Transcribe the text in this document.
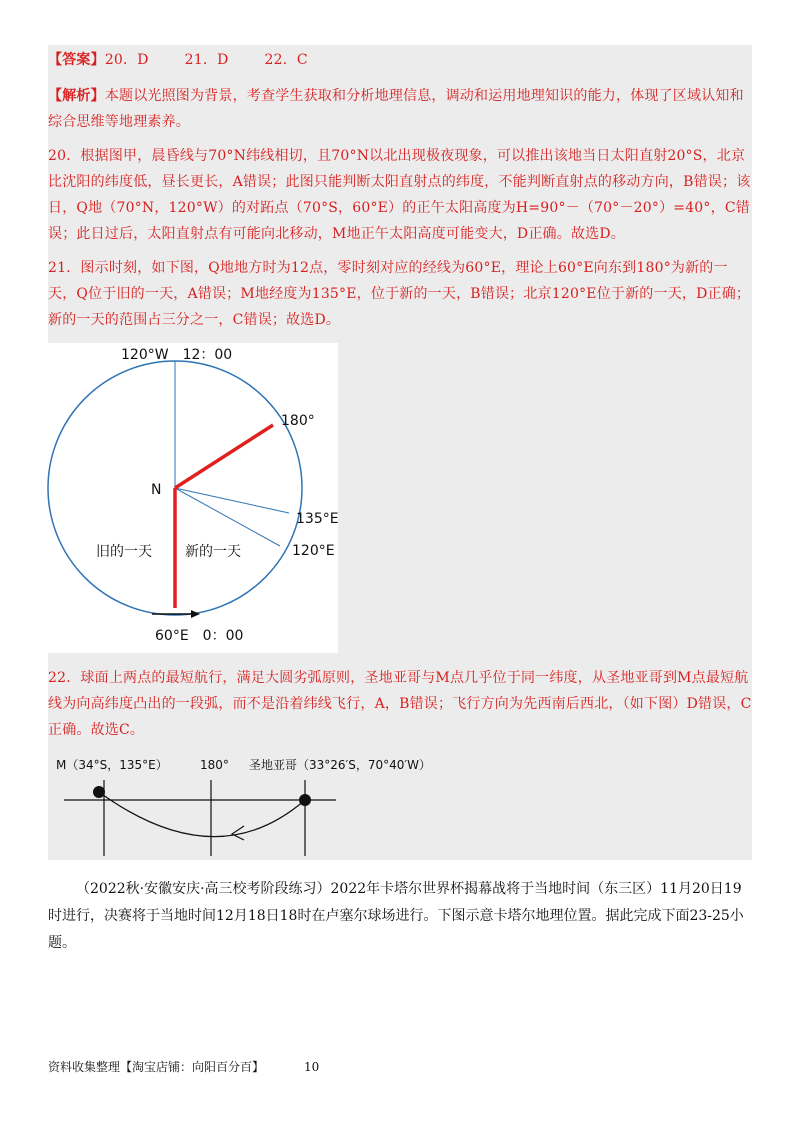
【答案】20．D	21．D	22．C
【解析】本题以光照图为背景，考查学生获取和分析地理信息，调动和运用地理知识的能力，体现了区域认知和综合思维等地理素养。
20．根据图甲，晨昏线与70°N纬线相切，且70°N以北出现极夜现象，可以推出该地当日太阳直射20°S，北京比沈阳的纬度低，昼长更长，A错误；此图只能判断太阳直射点的纬度，不能判断直射点的移动方向，B错误；该日，Q地（70°N，120°W）的对跖点（70°S，60°E）的正午太阳高度为H=90°－（70°－20°）=40°，C错误；此日过后，太阳直射点有可能向北移动，M地正午太阳高度可能变大，D正确。故选D。
21．图示时刻，如下图，Q地地方时为12点，零时刻对应的经线为60°E，理论上60°E向东到180°为新的一天，Q位于旧的一天，A错误；M地经度为135°E，位于新的一天，B错误；北京120°E位于新的一天，D正确；新的一天的范围占三分之一，C错误；故选D。
120°W　12：00
180°
N
135°E
120°E
旧的一天 新的一天
60°E　0：00
22．球面上两点的最短航行，满足大圆劣弧原则，圣地亚哥与M点几乎位于同一纬度，从圣地亚哥到M点最短航线为向高纬度凸出的一段弧，而不是沿着纬线飞行，A，B错误；飞行方向为先西南后西北，（如下图）D错误，C正确。故选C。
M（34°S，135°E）	180° 圣地亚哥（33°26′S，70°40′W）
（2022秋·安徽安庆·高三校考阶段练习）2022年卡塔尔世界杯揭幕战将于当地时间（东三区）11月20日19时进行，决赛将于当地时间12月18日18时在卢塞尔球场进行。下图示意卡塔尔地理位置。据此完成下面23-25小题。
资料收集整理【淘宝店铺：向阳百分百】	10
